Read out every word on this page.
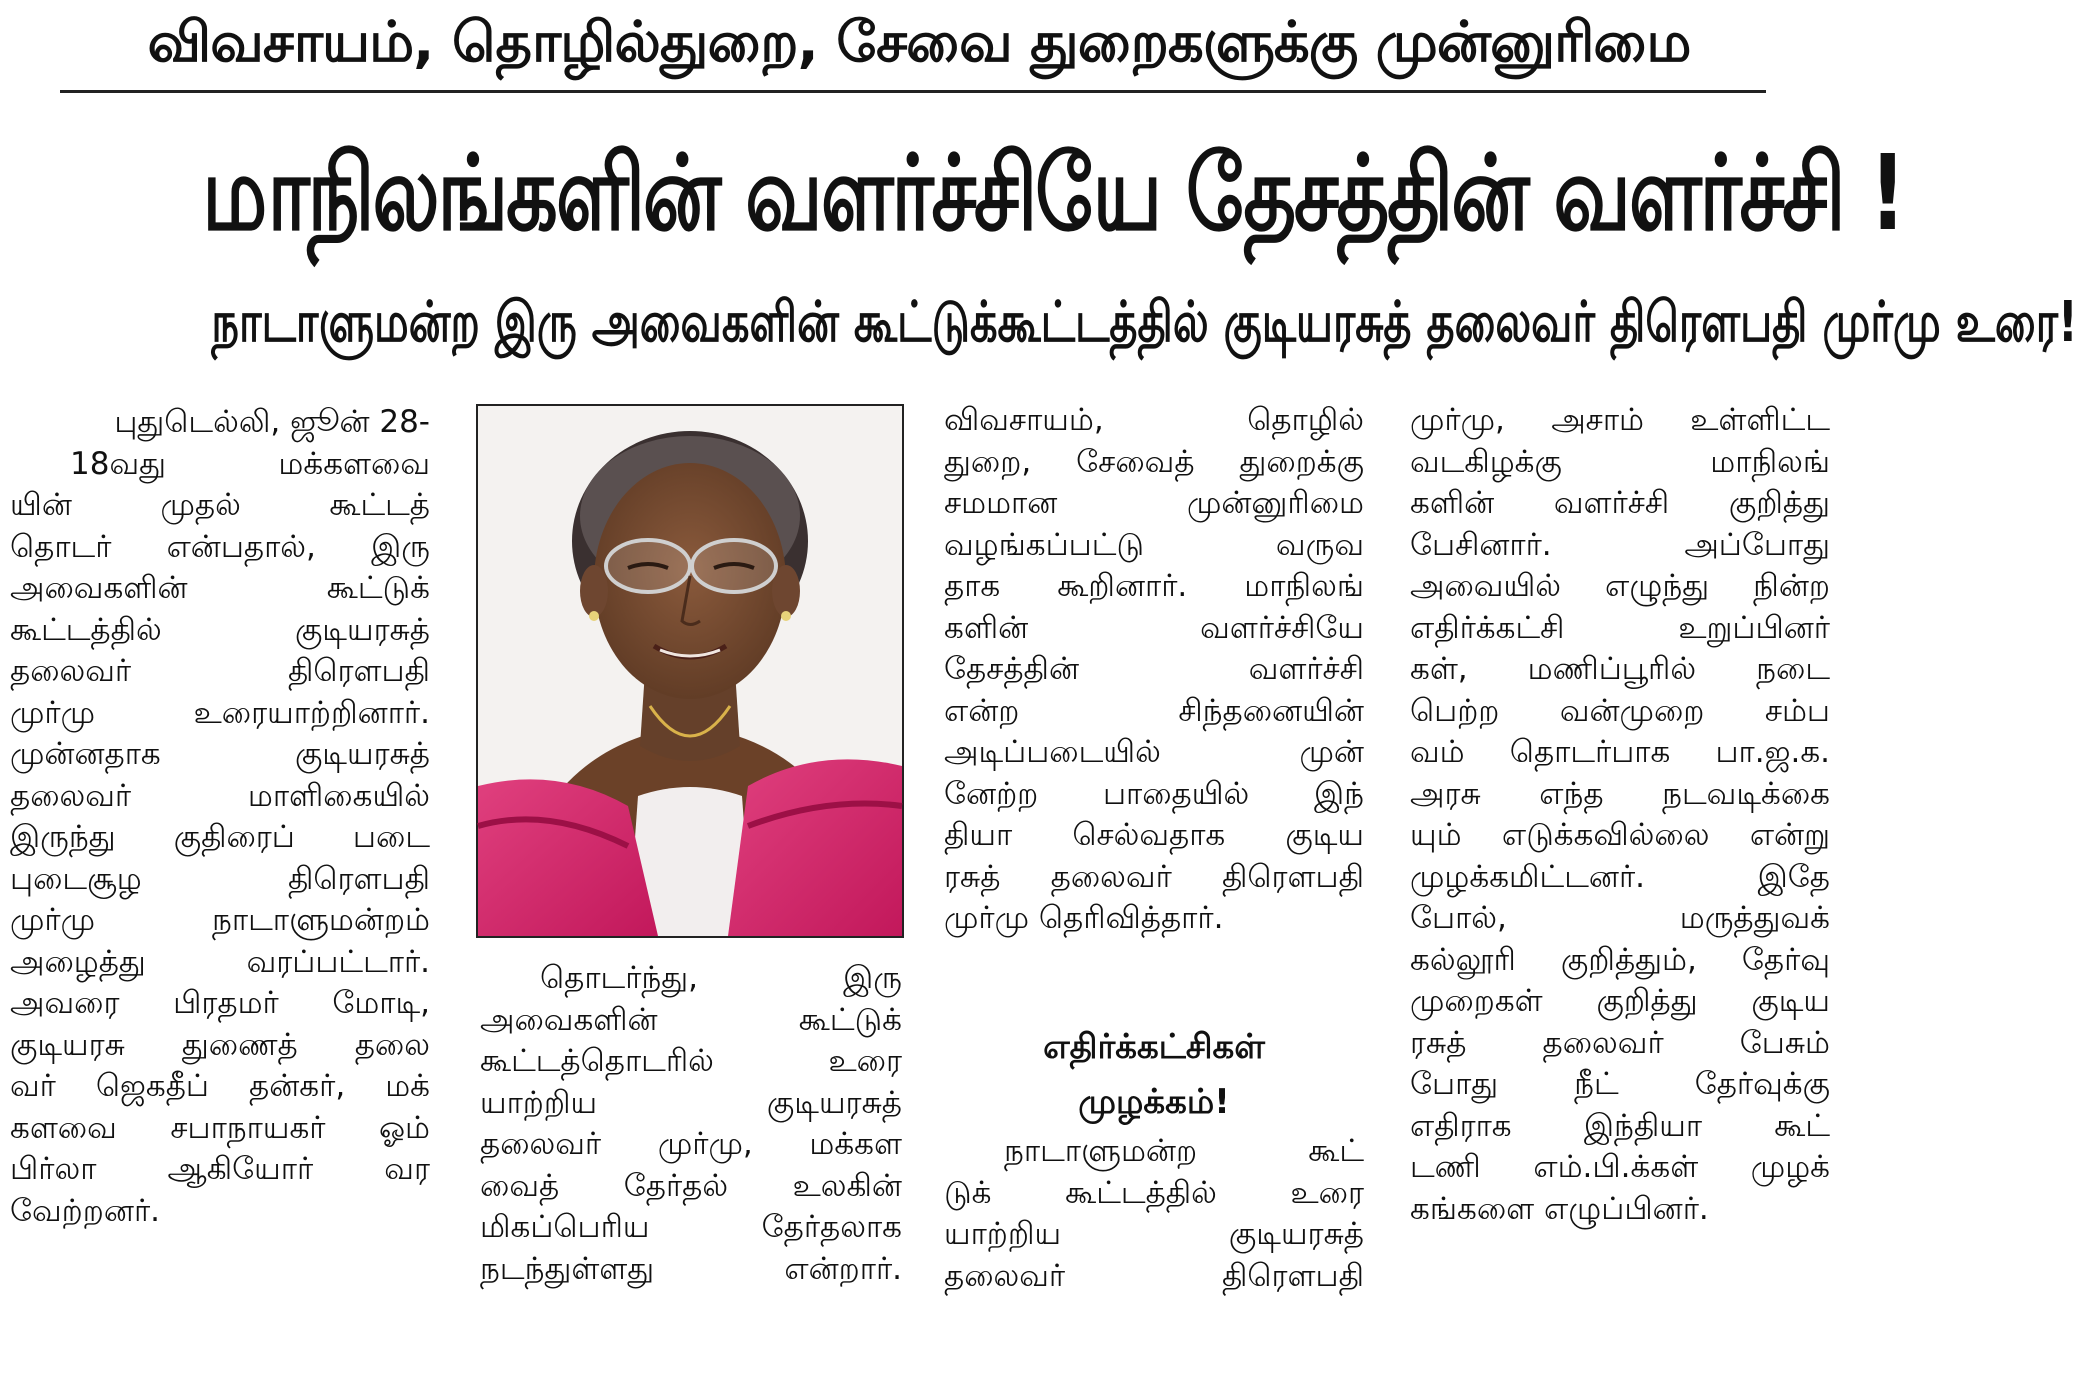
விவசாயம், தொழில்துறை, சேவை துறைகளுக்கு முன்னுரிமை
மாநிலங்களின் வளர்ச்சியே தேசத்தின் வளர்ச்சி !
நாடாளுமன்ற இரு அவைகளின் கூட்டுக்கூட்டத்தில் குடியரசுத் தலைவர் திரௌபதி முர்மு உரை!
புதுடெல்லி, ஜூன் 28-
18வது மக்களவை
யின் முதல் கூட்டத்
தொடர் என்பதால், இரு
அவைகளின் கூட்டுக்
கூட்டத்தில் குடியரசுத்
தலைவர் திரௌபதி
முர்மு உரையாற்றினார்.
முன்னதாக குடியரசுத்
தலைவர் மாளிகையில்
இருந்து குதிரைப் படை
புடைசூழ திரௌபதி
முர்மு நாடாளுமன்றம்
அழைத்து வரப்பட்டார்.
அவரை பிரதமர் மோடி,
குடியரசு துணைத் தலை
வர் ஜெகதீப் தன்கர், மக்
களவை சபாநாயகர் ஓம்
பிர்லா ஆகியோர் வர
வேற்றனர்.
தொடர்ந்து, இரு
அவைகளின் கூட்டுக்
கூட்டத்தொடரில் உரை
யாற்றிய குடியரசுத்
தலைவர் முர்மு, மக்கள
வைத் தேர்தல் உலகின்
மிகப்பெரிய தேர்தலாக
நடந்துள்ளது என்றார்.
விவசாயம், தொழில்
துறை, சேவைத் துறைக்கு
சமமான முன்னுரிமை
வழங்கப்பட்டு வருவ
தாக கூறினார். மாநிலங்
களின் வளர்ச்சியே
தேசத்தின் வளர்ச்சி
என்ற சிந்தனையின்
அடிப்படையில் முன்
னேற்ற பாதையில் இந்
தியா செல்வதாக குடிய
ரசுத் தலைவர் திரௌபதி
முர்மு தெரிவித்தார்.
எதிர்க்கட்சிகள்
முழக்கம்!
நாடாளுமன்ற கூட்
டுக் கூட்டத்தில் உரை
யாற்றிய குடியரசுத்
தலைவர் திரௌபதி
முர்மு, அசாம் உள்ளிட்ட
வடகிழக்கு மாநிலங்
களின் வளர்ச்சி குறித்து
பேசினார். அப்போது
அவையில் எழுந்து நின்ற
எதிர்க்கட்சி உறுப்பினர்
கள், மணிப்பூரில் நடை
பெற்ற வன்முறை சம்ப
வம் தொடர்பாக பா.ஜ.க.
அரசு எந்த நடவடிக்கை
யும் எடுக்கவில்லை என்று
முழக்கமிட்டனர். இதே
போல், மருத்துவக்
கல்லூரி குறித்தும், தேர்வு
முறைகள் குறித்து குடிய
ரசுத் தலைவர் பேசும்
போது நீட் தேர்வுக்கு
எதிராக இந்தியா கூட்
டணி எம்.பி.க்கள் முழக்
கங்களை எழுப்பினர்.
